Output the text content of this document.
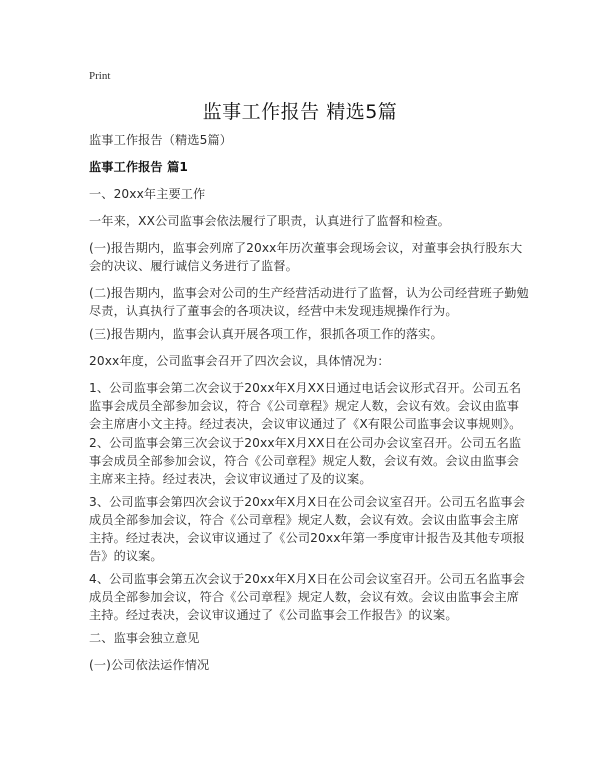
Print
监事工作报告 精选5篇

监事工作报告（精选5篇）

监事工作报告 篇1

一、20xx年主要工作

一年来，XX公司监事会依法履行了职责，认真进行了监督和检查。

(一)报告期内，监事会列席了20xx年历次董事会现场会议，对董事会执行股东大会的决议、履行诚信义务进行了监督。

(二)报告期内，监事会对公司的生产经营活动进行了监督，认为公司经营班子勤勉尽责，认真执行了董事会的各项决议，经营中未发现违规操作行为。

(三)报告期内，监事会认真开展各项工作，狠抓各项工作的落实。

20xx年度，公司监事会召开了四次会议，具体情况为：

1、公司监事会第二次会议于20xx年X月XX日通过电话会议形式召开。公司五名监事会成员全部参加会议，符合《公司章程》规定人数，会议有效。会议由监事会主席唐小文主持。经过表决，会议审议通过了《X有限公司监事会议事规则》。

2、公司监事会第三次会议于20xx年X月XX日在公司办会议室召开。公司五名监事会成员全部参加会议，符合《公司章程》规定人数，会议有效。会议由监事会主席来主持。经过表决，会议审议通过了及的议案。

3、公司监事会第四次会议于20xx年X月X日在公司会议室召开。公司五名监事会成员全部参加会议，符合《公司章程》规定人数，会议有效。会议由监事会主席主持。经过表决，会议审议通过了《公司20xx年第一季度审计报告及其他专项报告》的议案。

4、公司监事会第五次会议于20xx年X月X日在公司会议室召开。公司五名监事会成员全部参加会议，符合《公司章程》规定人数，会议有效。会议由监事会主席主持。经过表决，会议审议通过了《公司监事会工作报告》的议案。

二、监事会独立意见

(一)公司依法运作情况
